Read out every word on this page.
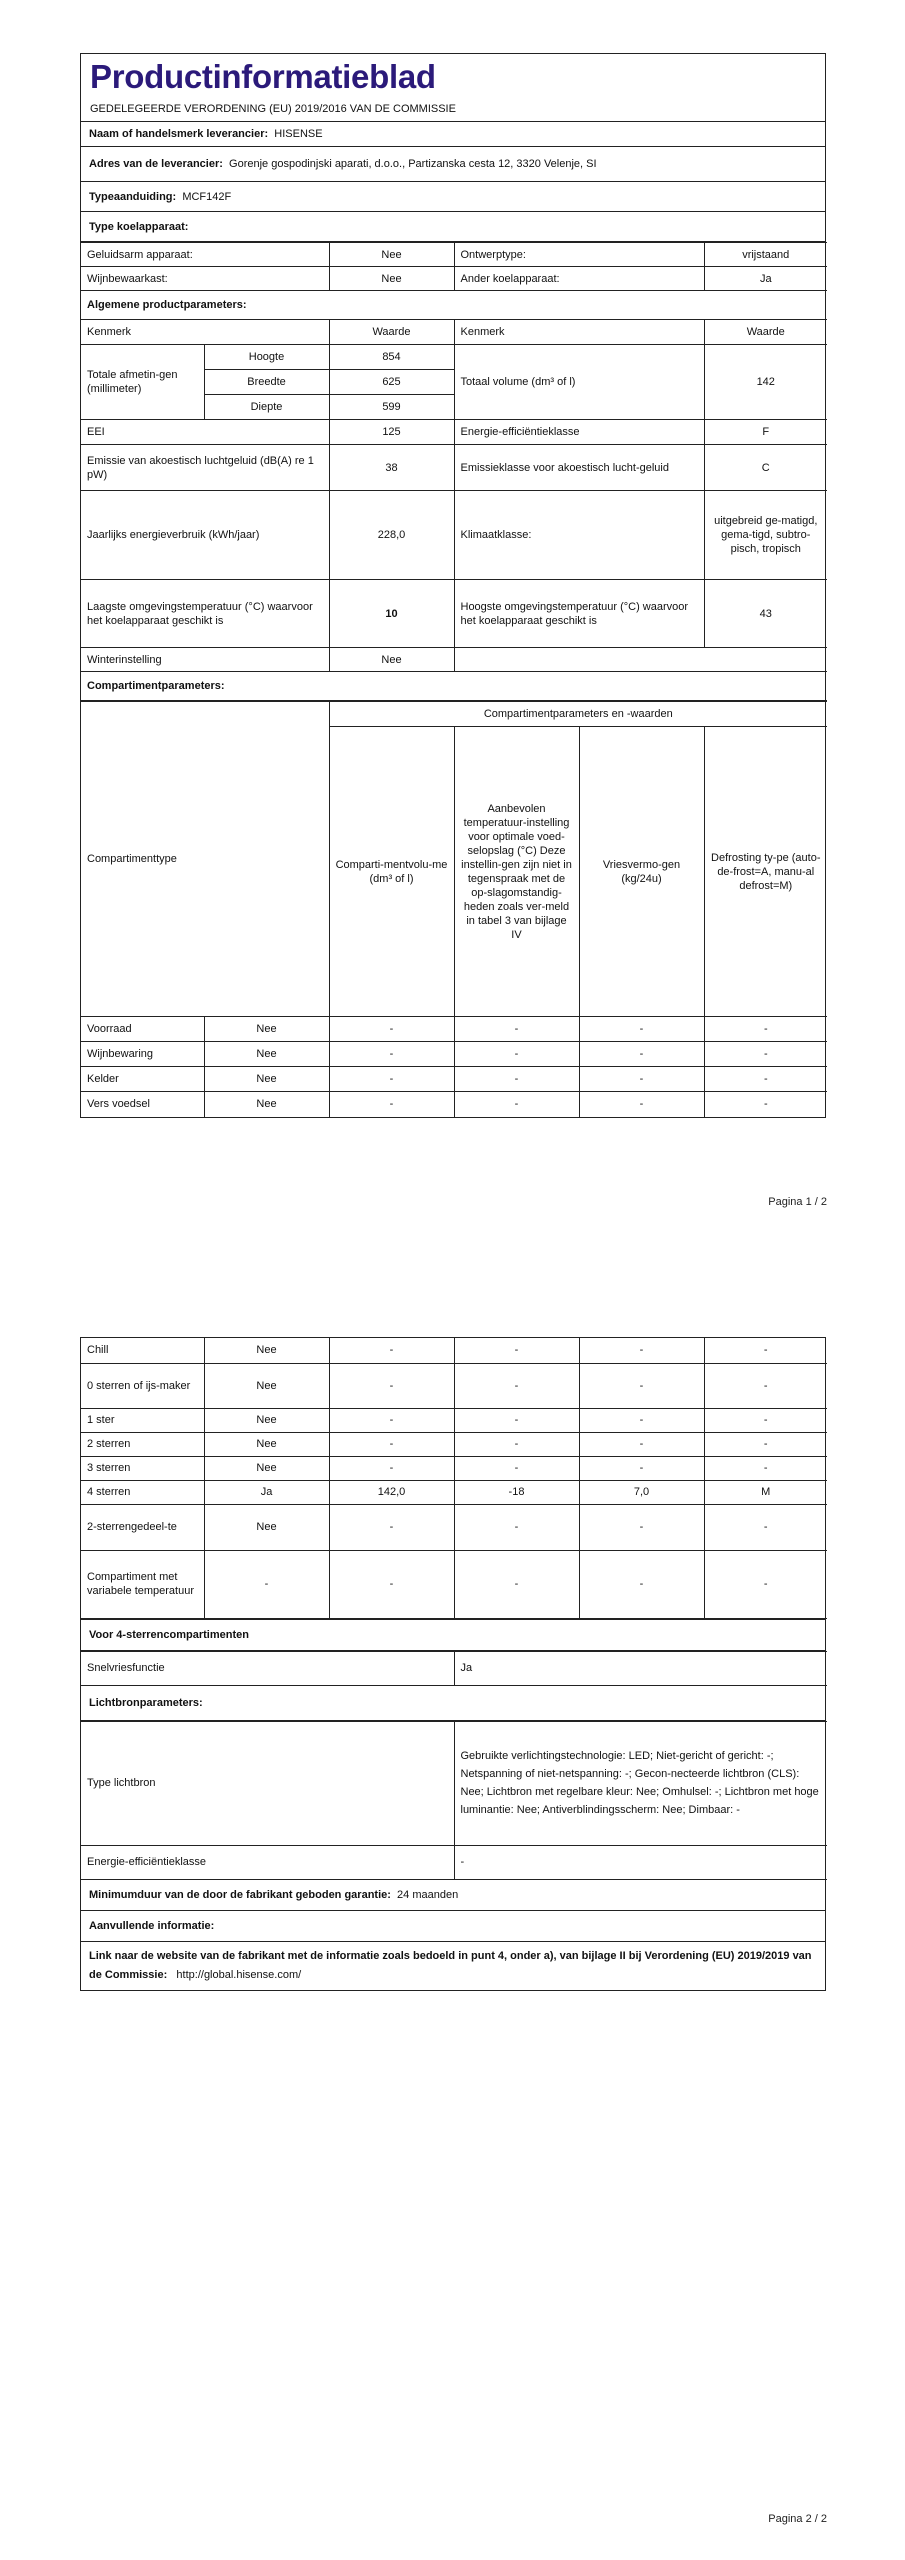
Productinformatieblad
GEDELEGEERDE VERORDENING (EU) 2019/2016 VAN DE COMMISSIE
Naam of handelsmerk leverancier:
HISENSE
Adres van de leverancier:
Gorenje gospodinjski aparati, d.o.o., Partizanska cesta 12, 3320 Velenje, SI
Typeaanduiding:
MCF142F
Type koelapparaat:
Geluidsarm apparaat:		Nee	Ontwerptype:	vrijstaand
Wijnbewaarkast:		Nee	Ander koelapparaat:	Ja
Algemene productparameters:				
Kenmerk		Waarde	Kenmerk	Waarde
Totale afmetin-gen (millimeter)	Hoogte	854	Totaal volume (dm³ of l)	142
	Breedte	625		
	Diepte	599		
EEI		125	Energie-efficiëntieklasse	F
Emissie van akoestisch luchtgeluid (dB(A) re 1 pW)		38	Emissieklasse voor akoestisch lucht-geluid	C
Jaarlijks energieverbruik (kWh/jaar)		228,0	Klimaatklasse:	uitgebreid ge-matigd, gema-tigd, subtro-pisch, tropisch
Laagste omgevingstemperatuur (°C) waarvoor het koelapparaat geschikt is		10	Hoogste omgevingstemperatuur (°C) waarvoor het koelapparaat geschikt is	43
Winterinstelling		Nee		
Compartimentparameters:				
Compartimenttype		Compartimentparameters en -waarden			
		Comparti-mentvolu-me (dm³ of l)	Aanbevolen temperatuur-instelling voor optimale voed-selopslag (°C) Deze instellin-gen zijn niet in tegenspraak met de op-slagomstandig-heden zoals ver-meld in tabel 3 van bijlage IV	Vriesvermo-gen (kg/24u)	Defrosting ty-pe (auto-de-frost=A, manu-al defrost=M)
Voorraad	Nee	-	-	-	-
Wijnbewaring	Nee	-	-	-	-
Kelder	Nee	-	-	-	-
Vers voedsel	Nee	-	-	-	-
Pagina 1 / 2
Chill	Nee	-	-	-	-
0 sterren of ijs-maker	Nee	-	-	-	-
1 ster	Nee	-	-	-	-
2 sterren	Nee	-	-	-	-
3 sterren	Nee	-	-	-	-
4 sterren	Ja	142,0	-18	7,0	M
2-sterrengedeel-te	Nee	-	-	-	-
Compartiment met variabele temperatuur	-	-	-	-	-
Voor 4-sterrencompartimenten
Snelvriesfunctie	Ja
Lichtbronparameters:
Type lichtbron	Gebruikte verlichtingstechnologie: LED; Niet-gericht of gericht: -; Netspanning of niet-netspanning: -; Gecon-necteerde lichtbron (CLS): Nee; Lichtbron met regelbare kleur: Nee; Omhulsel: -; Lichtbron met hoge luminantie: Nee; Antiverblindingsscherm: Nee; Dimbaar: -
Energie-efficiëntieklasse	-
Minimumduur van de door de fabrikant geboden garantie:
24 maanden
Aanvullende informatie:
Link naar de website van de fabrikant met de informatie zoals bedoeld in punt 4, onder a), van bijlage II bij Verordening (EU) 2019/2019 van de Commissie: http://global.hisense.com/
Pagina 2 / 2
